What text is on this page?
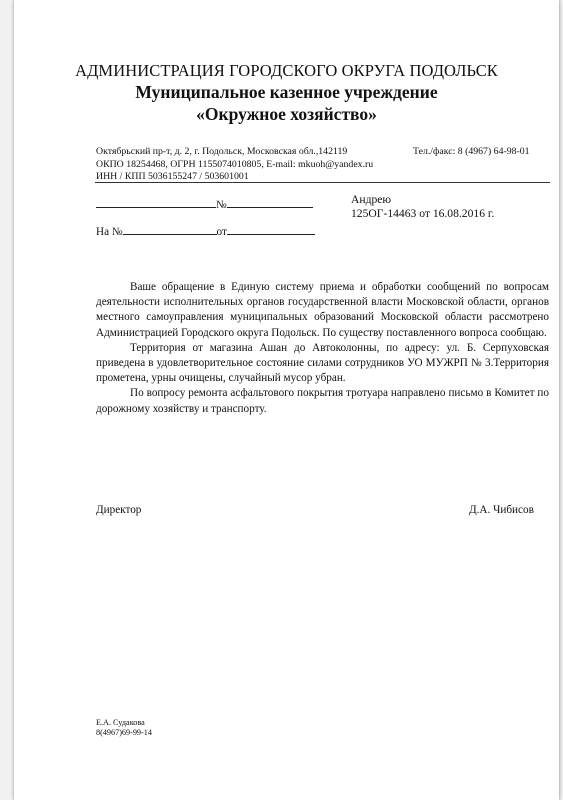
АДМИНИСТРАЦИЯ ГОРОДСКОГО ОКРУГА ПОДОЛЬСК
Муниципальное казенное учреждение
«Окружное хозяйство»
Октябрьский пр-т, д. 2, г. Подольск, Московская обл.,142119	Тел./факс: 8 (4967) 64-98-01
ОКПО 18254468, ОГРН 1155074010805, E-mail: mkuoh@yandex.ru
ИНН / КПП 5036155247 / 503601001
№
На №	от
Андрею
125ОГ-14463 от 16.08.2016 г.

Ваше обращение в Единую систему приема и обработки сообщений по вопросам деятельности исполнительных органов государственной власти Московской области, органов местного самоуправления муниципальных образований Московской области рассмотрено Администрацией Городского округа Подольск. По существу поставленного вопроса сообщаю.

Территория от магазина Ашан до Автоколонны, по адресу: ул. Б. Серпуховская приведена в удовлетворительное состояние силами сотрудников УО МУЖРП № 3.Территория прометена, урны очищены, случайный мусор убран.

По вопросу ремонта асфальтового покрытия тротуара направлено письмо в Комитет по дорожному хозяйству и транспорту.

Директор	Д.А. Чибисов
Е.А. Судакова
8(4967)69-99-14
